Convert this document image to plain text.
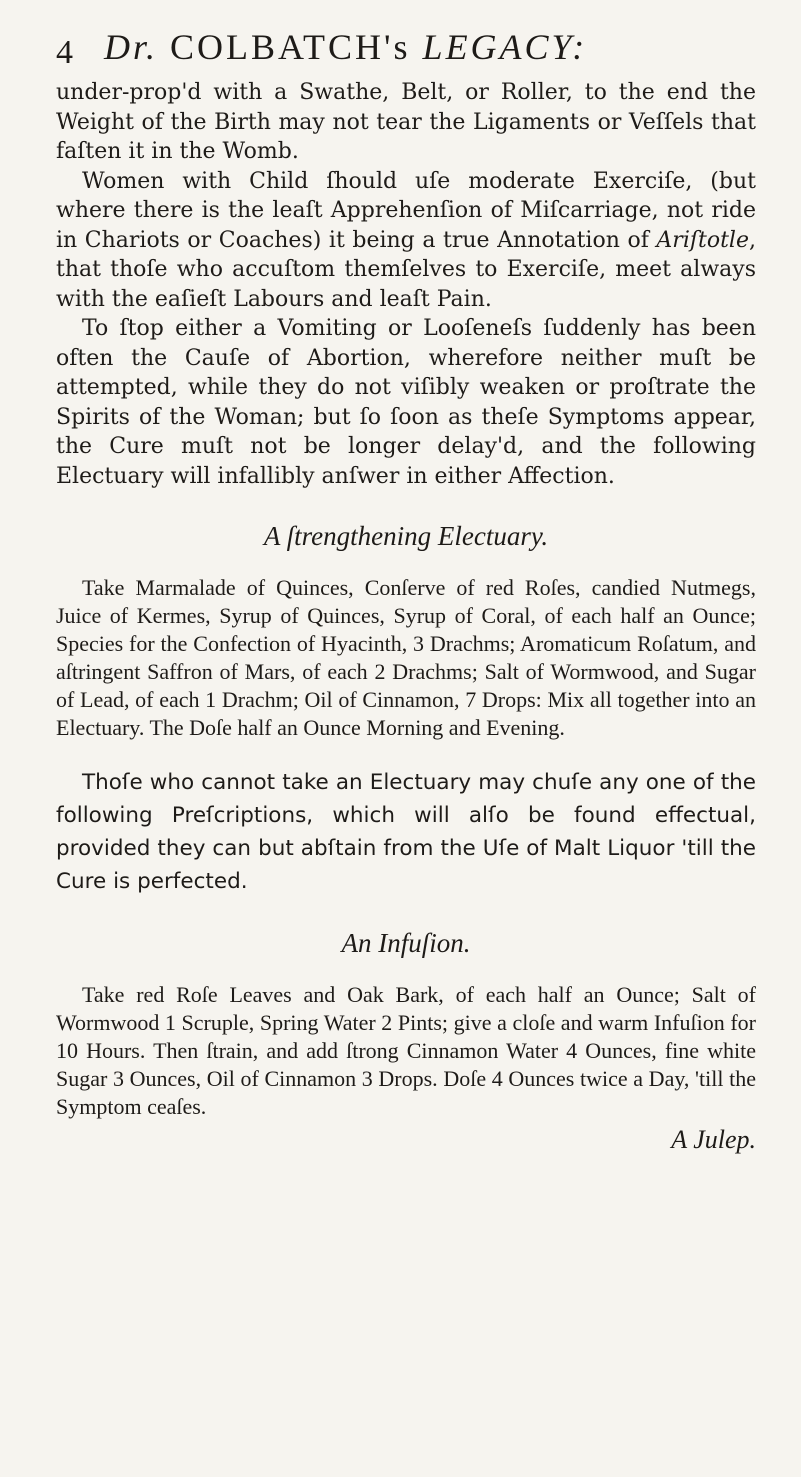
4 Dr. COLBATCH's LEGACY:

under-prop'd with a Swathe, Belt, or Roller, to the end the Weight of the Birth may not tear the Ligaments or Veſſels that faſten it in the Womb.

Women with Child ſhould uſe moderate Exerciſe, (but where there is the leaſt Apprehenſion of Miſcarriage, not ride in Chariots or Coaches) it being a true Annotation of Ariſtotle, that thoſe who accuſtom themſelves to Exerciſe, meet always with the eaſieſt Labours and leaſt Pain.

To ſtop either a Vomiting or Looſeneſs ſuddenly has been often the Cauſe of Abortion, wherefore neither muſt be attempted, while they do not viſibly weaken or proſtrate the Spirits of the Woman; but ſo ſoon as theſe Symptoms appear, the Cure muſt not be longer delay'd, and the following Electuary will infallibly anſwer in either Affection.

A ſtrengthening Electuary.

Take Marmalade of Quinces, Conſerve of red Roſes, candied Nutmegs, Juice of Kermes, Syrup of Quinces, Syrup of Coral, of each half an Ounce; Species for the Confection of Hyacinth, 3 Drachms; Aromaticum Roſatum, and aſtringent Saffron of Mars, of each 2 Drachms; Salt of Wormwood, and Sugar of Lead, of each 1 Drachm; Oil of Cinnamon, 7 Drops: Mix all together into an Electuary. The Doſe half an Ounce Morning and Evening.

Thoſe who cannot take an Electuary may chuſe any one of the following Preſcriptions, which will alſo be found effectual, provided they can but abſtain from the Uſe of Malt Liquor 'till the Cure is perfected.

An Infuſion.

Take red Roſe Leaves and Oak Bark, of each half an Ounce; Salt of Wormwood 1 Scruple, Spring Water 2 Pints; give a cloſe and warm Infuſion for 10 Hours. Then ſtrain, and add ſtrong Cinnamon Water 4 Ounces, fine white Sugar 3 Ounces, Oil of Cinnamon 3 Drops. Doſe 4 Ounces twice a Day, 'till the Symptom ceaſes.

A Julep.
